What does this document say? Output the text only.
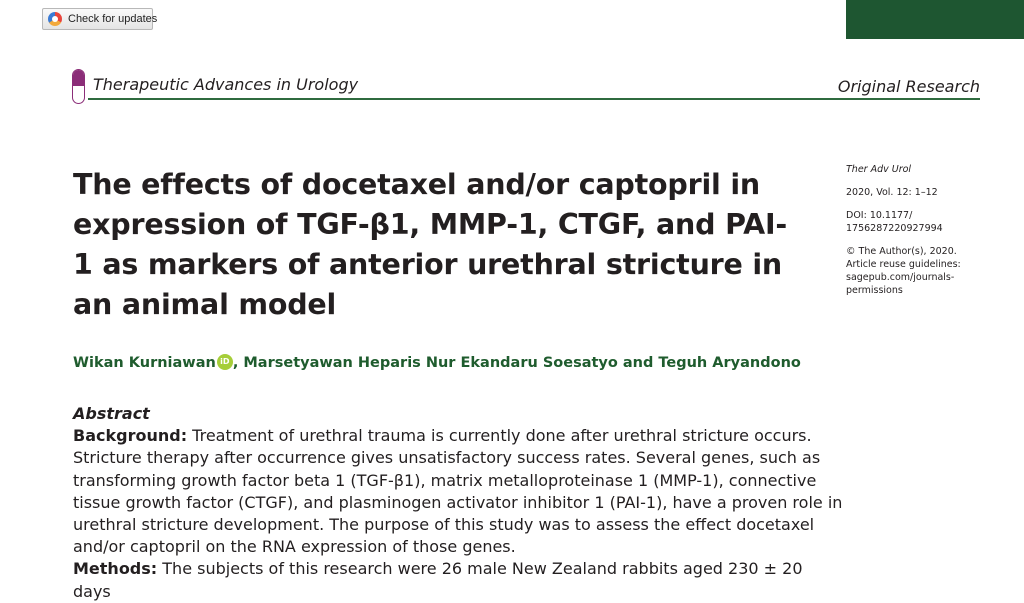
Check for updates
Therapeutic Advances in Urology	Original Research
The effects of docetaxel and/or captopril in expression of TGF-β1, MMP-1, CTGF, and PAI-1 as markers of anterior urethral stricture in an animal model
Ther Adv Urol
2020, Vol. 12: 1–12
DOI: 10.1177/
1756287220927994
© The Author(s), 2020.
Article reuse guidelines:
sagepub.com/journals-
permissions
Wikan Kurniawan iD , Marsetyawan Heparis Nur Ekandaru Soesatyo and Teguh Aryandono
Abstract

Background: Treatment of urethral trauma is currently done after urethral stricture occurs. Stricture therapy after occurrence gives unsatisfactory success rates. Several genes, such as transforming growth factor beta 1 (TGF-β1), matrix metalloproteinase 1 (MMP-1), connective tissue growth factor (CTGF), and plasminogen activator inhibitor 1 (PAI-1), have a proven role in urethral stricture development. The purpose of this study was to assess the effect docetaxel and/or captopril on the RNA expression of those genes.

Methods: The subjects of this research were 26 male New Zealand rabbits aged 230 ± 20 days
